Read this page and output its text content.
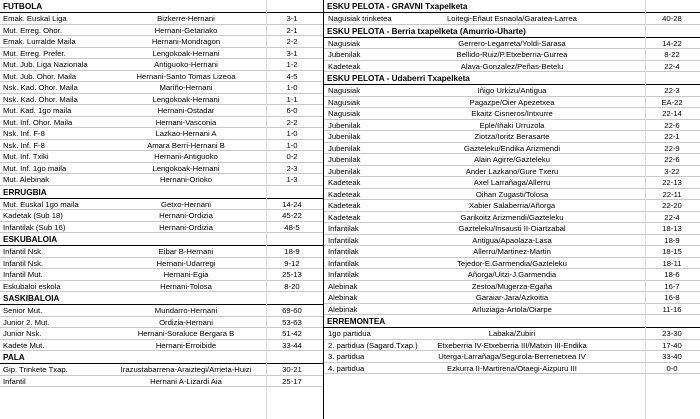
FUTBOLA
Emak. Euskal Liga	Bizkerre-Hernani	3-1
Mut. Erreg. Ohor.	Hernani-Getariako	2-1
Emak. Lurralde Maila	Hernani-Mondragon	2-2
Mut. Erreg. Prefer.	Lengokoak-Hernani	3-1
Mut. Jub. Liga Nazionala	Antiguoko-Hernani	1-2
Mut. Jub. Ohor. Maila	Hernani-Santo Tomas Lizeoa	4-5
Nsk. Kad. Ohor. Maila	Mariño-Hernani	1-0
Nsk. Kad. Ohor. Maila	Lengokoak-Hernani	1-1
Mut. Kad. 1go maila	Hernani-Ostadar	6-0
Mut. Inf. Ohor. Maila	Hernani-Vasconia	2-2
Nsk. Inf. F-8	Lazkao-Hernani A	1-0
Nsk. Inf. F-8	Amara Berri-Hernani B	1-0
Mut. Inf. Txiki	Hernani-Antiguoko	0-2
Mut. Inf. 1go maila	Lengokoak-Hernani	2-3
Mut. Alebinak	Hernani-Orioko	1-3
ERRUGBIA
Mut. Euskal 1go maila	Getxo-Hernani	14-24
Kadetak (Sub 18)	Hernani-Ordizia	45-22
Infantilak (Sub 16)	Hernani-Ordizia	48-5
ESKUBALOIA
Infantil Nsk.	Eibar B-Hernani	18-9
Infantil Nsk.	Hernani-Udarregi	9-12
Infantil Mut.	Hernani-Egia	25-13
Eskubaloi eskola	Hernani-Tolosa	8-20
SASKIBALOIA
Senior Mut.	Mundarro-Hernani	69-60
Junior 2. Mut.	Ordizia-Hernani	53-63
Junior Nsk.	Hernani-Soraluce Bergara B	51-42
Kadete Mut.	Hernani-Erroibide	33-44
PALA
Gip. Trinkete Txap.	Irazustabarrena-Araiztegi/Arrieta-Huizi	30-21
Infantil	Hernani A-Lizardi Aia	25-17
ESKU PELOTA - GRAVNI Txapelketa
Nagusiak trinketea	Loitegi-Eñaut Esnaola/Garatea-Larrea	40-28
ESKU PELOTA - Berria txapelketa (Amurrio-Uharte)
Nagusiak	Gerrero-Legarreta/Yoldi-Sarasa	14-22
Jubenilak	Bellido-Ruiz/P.Etxeberria-Gurrea	8-22
Kadeteak	Alava-Gonzalez/Peñas-Betelu	22-4
ESKU PELOTA - Udaberri Txapelketa
Nagusiak	Iñigo Urkizu/Antigua	22-3
Nagusiak	Pagazpe/Oier Apezetxea	EA-22
Nagusiak	Ekaitz Cisneros/Intxurre	22-14
Jubenilak	Eple/Iñaki Urruzola	22-6
Jubenilak	Ziotza/Ioritz Berasarte	22-1
Jubenilak	Gazteleku/Endika Arizmendi	22-9
Jubenilak	Alain Agirre/Gazteleku	22-6
Jubenilak	Ander Lazkano/Gure Txeru	3-22
Kadeteak	Axel Larrañaga/Allerru	22-13
Kadeteak	Oihan Zugasti/Tolosa	22-11
Kadeteak	Xabier Salaberria/Añorga	22-20
Kadeteak	Garikoitz Arizmendi/Gazteleku	22-4
Infantilak	Gazteleku/Insausti II-Oiartzabal	18-13
Infantilak	Antigua/Apaolaza-Lasa	18-9
Infantilak	Allerru/Martinez-Martin	18-15
Infantilak	Tejedor-E.Garmendia/Gazteleku	18-11
Infantilak	Añorga/Uitzi-J.Garmendia	18-6
Alebinak	Zestoa/Mugerza-Egaña	16-7
Alebinak	Garaiar-Jara/Azkoitia	16-8
Alebinak	Arluziaga-Artola/Oiarpe	11-16
ERREMONTEA
1go partidua	Labaka/Zubiri	23-30
2. partidua (Sagard.Txap.)	Etxeberria IV-Etxeberria III/Matxin III-Endika	17-40
3. partidua	Uterga-Larrañaga/Segurola-Berrenetxea IV	33-40
4. partidua	Ezkurra II-Martirena/Otaegi-Aizpuru III	0-0
